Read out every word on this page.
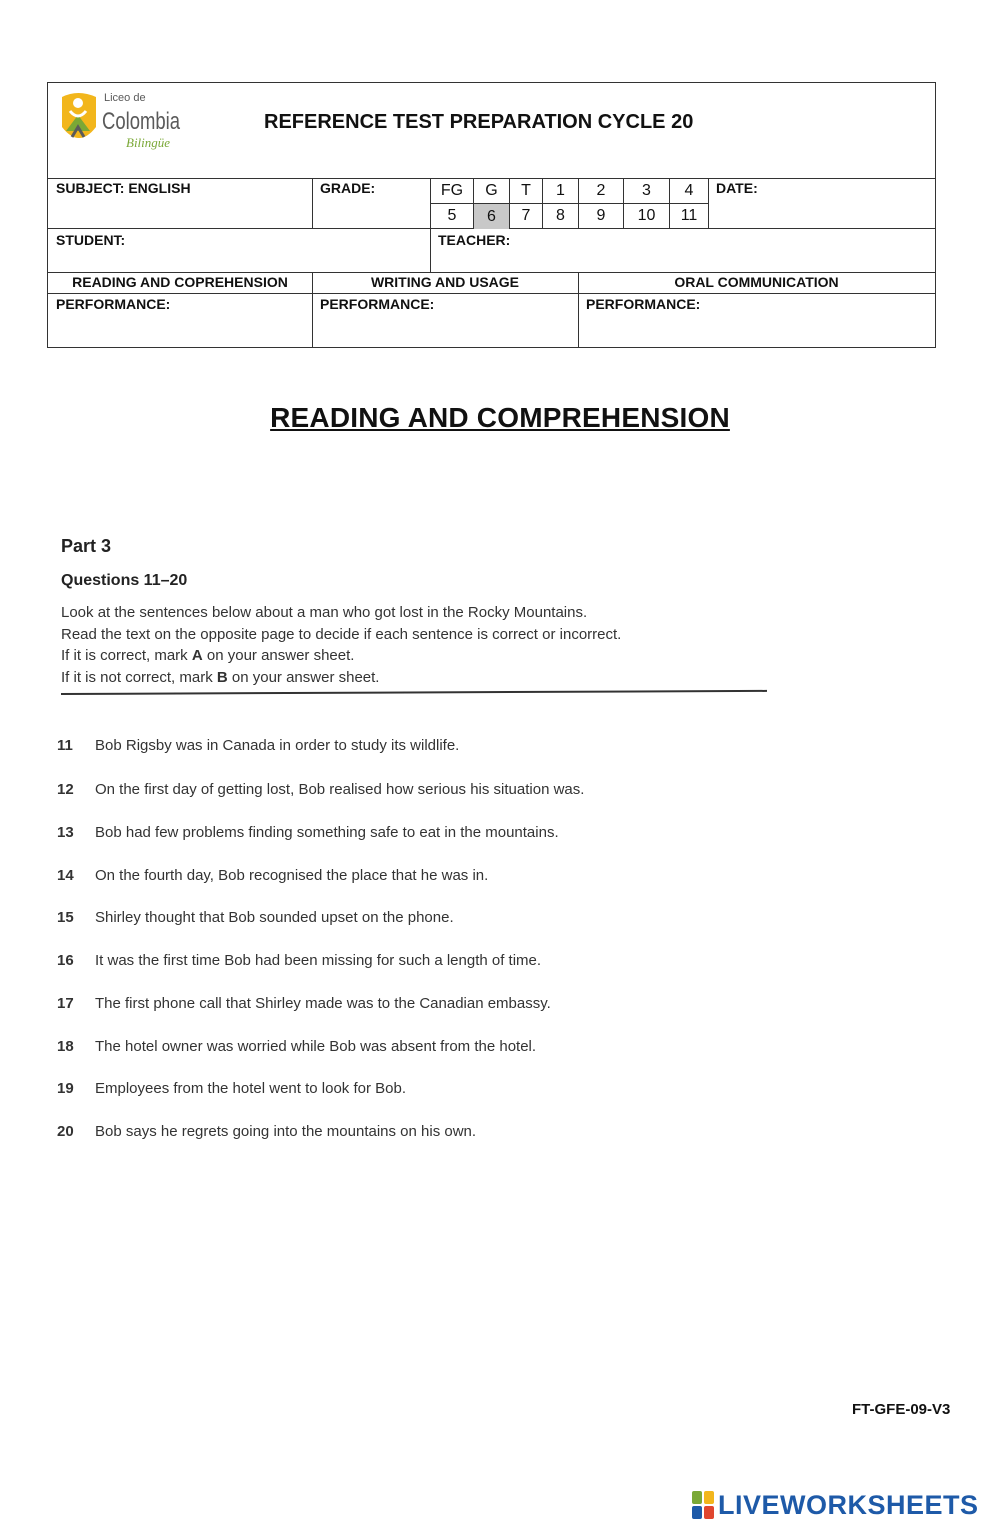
Liceo de
Colombia
Bilingüe
REFERENCE TEST PREPARATION CYCLE 20
SUBJECT: ENGLISH	GRADE:	DATE:
FG	G	T	1	2	3	4
5	6	7	8	9	10	11
STUDENT:	TEACHER:
READING AND COPREHENSION	WRITING AND USAGE	ORAL COMMUNICATION
PERFORMANCE:	PERFORMANCE:	PERFORMANCE:
READING AND COMPREHENSION
Part 3
Questions 11–20
Look at the sentences below about a man who got lost in the Rocky Mountains.
Read the text on the opposite page to decide if each sentence is correct or incorrect.
If it is correct, mark A on your answer sheet.
If it is not correct, mark B on your answer sheet.
11 Bob Rigsby was in Canada in order to study its wildlife.
12 On the first day of getting lost, Bob realised how serious his situation was.
13 Bob had few problems finding something safe to eat in the mountains.
14 On the fourth day, Bob recognised the place that he was in.
15 Shirley thought that Bob sounded upset on the phone.
16 It was the first time Bob had been missing for such a length of time.
17 The first phone call that Shirley made was to the Canadian embassy.
18 The hotel owner was worried while Bob was absent from the hotel.
19 Employees from the hotel went to look for Bob.
20 Bob says he regrets going into the mountains on his own.
FT-GFE-09-V3
LIVEWORKSHEETS
